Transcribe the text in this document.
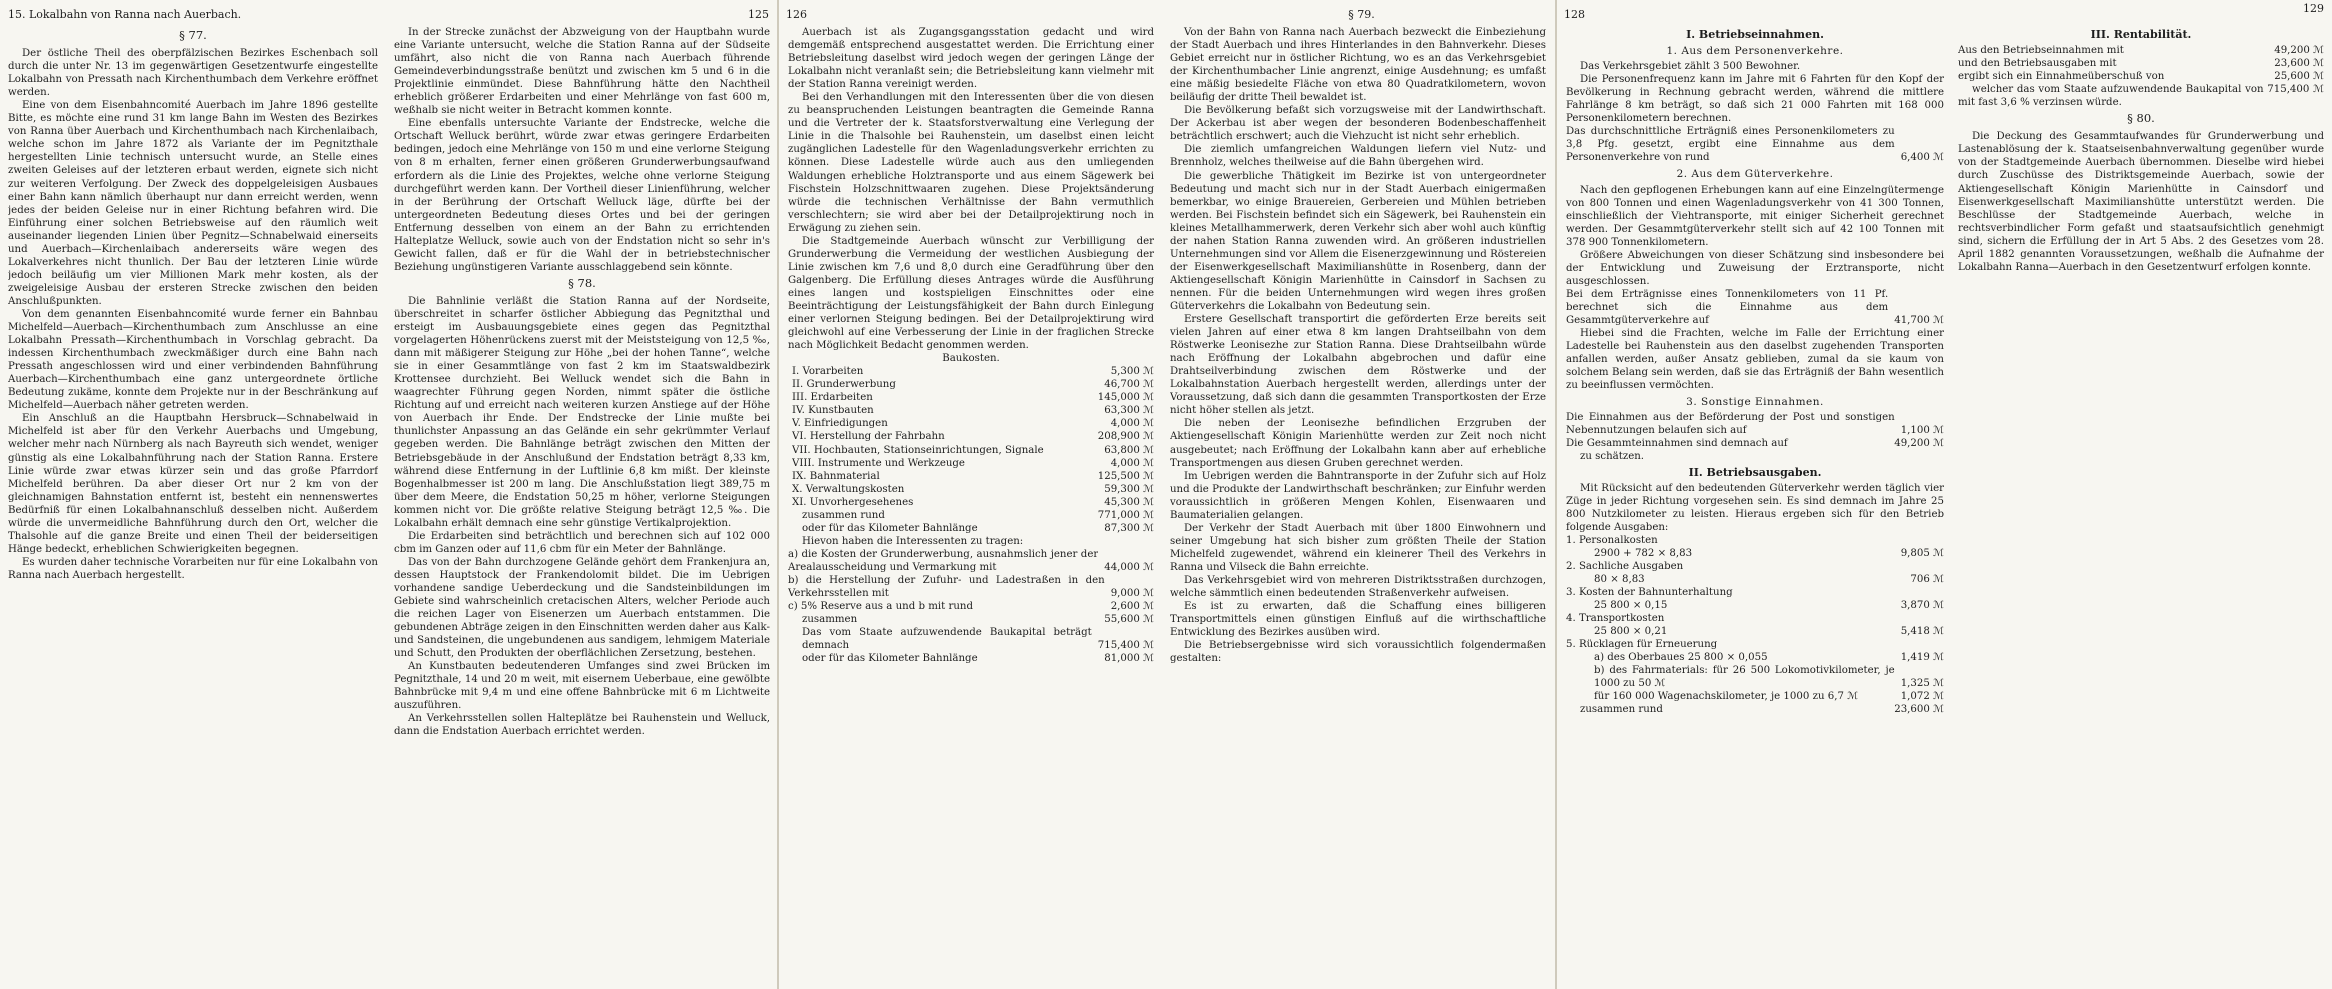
15. Lokalbahn von Ranna nach Auerbach.	125
§ 77.

Der östliche Theil des oberpfälzischen Bezirkes Eschenbach soll durch die unter Nr. 13 im gegenwärtigen Gesetzentwurfe eingestellte Lokalbahn von Pressath nach Kirchenthumbach dem Verkehre eröffnet werden.

Eine von dem Eisenbahncomité Auerbach im Jahre 1896 gestellte Bitte, es möchte eine rund 31 km lange Bahn im Westen des Bezirkes von Ranna über Auerbach und Kirchenthumbach nach Kirchenlaibach, welche schon im Jahre 1872 als Variante der im Pegnitzthale hergestellten Linie technisch untersucht wurde, an Stelle eines zweiten Geleises auf der letzteren erbaut werden, eignete sich nicht zur weiteren Verfolgung. Der Zweck des doppelgeleisigen Ausbaues einer Bahn kann nämlich überhaupt nur dann erreicht werden, wenn jedes der beiden Geleise nur in einer Richtung befahren wird. Die Einführung einer solchen Betriebsweise auf den räumlich weit auseinander liegenden Linien über Pegnitz—Schnabelwaid einerseits und Auerbach—Kirchenlaibach andererseits wäre wegen des Lokalverkehres nicht thunlich. Der Bau der letzteren Linie würde jedoch beiläufig um vier Millionen Mark mehr kosten, als der zweigeleisige Ausbau der ersteren Strecke zwischen den beiden Anschlußpunkten.

Von dem genannten Eisenbahncomité wurde ferner ein Bahnbau Michelfeld—Auerbach—Kirchenthumbach zum Anschlusse an eine Lokalbahn Pressath—Kirchenthumbach in Vorschlag gebracht. Da indessen Kirchenthumbach zweckmäßiger durch eine Bahn nach Pressath angeschlossen wird und einer verbindenden Bahnführung Auerbach—Kirchenthumbach eine ganz untergeordnete örtliche Bedeutung zukäme, konnte dem Projekte nur in der Beschränkung auf Michelfeld—Auerbach näher getreten werden.

Ein Anschluß an die Hauptbahn Hersbruck—Schnabelwaid in Michelfeld ist aber für den Verkehr Auerbachs und Umgebung, welcher mehr nach Nürnberg als nach Bayreuth sich wendet, weniger günstig als eine Lokalbahnführung nach der Station Ranna. Erstere Linie würde zwar etwas kürzer sein und das große Pfarrdorf Michelfeld berühren. Da aber dieser Ort nur 2 km von der gleichnamigen Bahnstation entfernt ist, besteht ein nennenswertes Bedürfniß für einen Lokalbahnanschluß desselben nicht. Außerdem würde die unvermeidliche Bahnführung durch den Ort, welcher die Thalsohle auf die ganze Breite und einen Theil der beiderseitigen Hänge bedeckt, erheblichen Schwierigkeiten begegnen.

Es wurden daher technische Vorarbeiten nur für eine Lokalbahn von Ranna nach Auerbach hergestellt.

In der Strecke zunächst der Abzweigung von der Hauptbahn wurde eine Variante untersucht, welche die Station Ranna auf der Südseite umfährt, also nicht die von Ranna nach Auerbach führende Gemeindeverbindungsstraße benützt und zwischen km 5 und 6 in die Projektlinie einmündet. Diese Bahnführung hätte den Nachtheil erheblich größerer Erdarbeiten und einer Mehrlänge von fast 600 m, weßhalb sie nicht weiter in Betracht kommen konnte.

Eine ebenfalls untersuchte Variante der Endstrecke, welche die Ortschaft Welluck berührt, würde zwar etwas geringere Erdarbeiten bedingen, jedoch eine Mehrlänge von 150 m und eine verlorne Steigung von 8 m erhalten, ferner einen größeren Grunderwerbungsaufwand erfordern als die Linie des Projektes, welche ohne verlorne Steigung durchgeführt werden kann. Der Vortheil dieser Linienführung, welcher in der Berührung der Ortschaft Welluck läge, dürfte bei der untergeordneten Bedeutung dieses Ortes und bei der geringen Entfernung desselben von einem an der Bahn zu errichtenden Halteplatze Welluck, sowie auch von der Endstation nicht so sehr in's Gewicht fallen, daß er für die Wahl der in betriebstechnischer Beziehung ungünstigeren Variante ausschlaggebend sein könnte.

§ 78.

Die Bahnlinie verläßt die Station Ranna auf der Nordseite, überschreitet in scharfer östlicher Abbiegung das Pegnitzthal und ersteigt im Ausbauungsgebiete eines gegen das Pegnitzthal vorgelagerten Höhenrückens zuerst mit der Meiststeigung von 12,5 ‰, dann mit mäßigerer Steigung zur Höhe „bei der hohen Tanne“, welche sie in einer Gesammtlänge von fast 2 km im Staatswaldbezirk Krottensee durchzieht. Bei Welluck wendet sich die Bahn in waagrechter Führung gegen Norden, nimmt später die östliche Richtung auf und erreicht nach weiteren kurzen Anstiege auf der Höhe von Auerbach ihr Ende. Der Endstrecke der Linie mußte bei thunlichster Anpassung an das Gelände ein sehr gekrümmter Verlauf gegeben werden. Die Bahnlänge beträgt zwischen den Mitten der Betriebsgebäude in der Anschlußund der Endstation beträgt 8,33 km, während diese Entfernung in der Luftlinie 6,8 km mißt. Der kleinste Bogenhalbmesser ist 200 m lang. Die Anschlußstation liegt 389,75 m über dem Meere, die Endstation 50,25 m höher, verlorne Steigungen kommen nicht vor. Die größte relative Steigung beträgt 12,5 ‰. Die Lokalbahn erhält demnach eine sehr günstige Vertikalprojektion.

Die Erdarbeiten sind beträchtlich und berechnen sich auf 102 000 cbm im Ganzen oder auf 11,6 cbm für ein Meter der Bahnlänge.

Das von der Bahn durchzogene Gelände gehört dem Frankenjura an, dessen Hauptstock der Frankendolomit bildet. Die im Uebrigen vorhandene sandige Ueberdeckung und die Sandsteinbildungen im Gebiete sind wahrscheinlich cretacischen Alters, welcher Periode auch die reichen Lager von Eisenerzen um Auerbach entstammen. Die gebundenen Abträge zeigen in den Einschnitten werden daher aus Kalk- und Sandsteinen, die ungebundenen aus sandigem, lehmigem Materiale und Schutt, den Produkten der oberflächlichen Zersetzung, bestehen.

An Kunstbauten bedeutenderen Umfanges sind zwei Brücken im Pegnitzthale, 14 und 20 m weit, mit eisernem Ueberbaue, eine gewölbte Bahnbrücke mit 9,4 m und eine offene Bahnbrücke mit 6 m Lichtweite auszuführen.

An Verkehrsstellen sollen Halteplätze bei Rauhenstein und Welluck, dann die Endstation Auerbach errichtet werden.

126	§ 79.

Auerbach ist als Zugangsgangsstation gedacht und wird demgemäß entsprechend ausgestattet werden. Die Errichtung einer Betriebsleitung daselbst wird jedoch wegen der geringen Länge der Lokalbahn nicht veranlaßt sein; die Betriebsleitung kann vielmehr mit der Station Ranna vereinigt werden.

Bei den Verhandlungen mit den Interessenten über die von diesen zu beanspruchenden Leistungen beantragten die Gemeinde Ranna und die Vertreter der k. Staatsforstverwaltung eine Verlegung der Linie in die Thalsohle bei Rauhenstein, um daselbst einen leicht zugänglichen Ladestelle für den Wagenladungsverkehr errichten zu können. Diese Ladestelle würde auch aus den umliegenden Waldungen erhebliche Holztransporte und aus einem Sägewerk bei Fischstein Holzschnittwaaren zugehen. Diese Projektsänderung würde die technischen Verhältnisse der Bahn vermuthlich verschlechtern; sie wird aber bei der Detailprojektirung noch in Erwägung zu ziehen sein.

Die Stadtgemeinde Auerbach wünscht zur Verbilligung der Grunderwerbung die Vermeidung der westlichen Ausbiegung der Linie zwischen km 7,6 und 8,0 durch eine Geradführung über den Galgenberg. Die Erfüllung dieses Antrages würde die Ausführung eines langen und kostspieligen Einschnittes oder eine Beeinträchtigung der Leistungsfähigkeit der Bahn durch Einlegung einer verlornen Steigung bedingen. Bei der Detailprojektirung wird gleichwohl auf eine Verbesserung der Linie in der fraglichen Strecke nach Möglichkeit Bedacht genommen werden.

Baukosten.

I. Vorarbeiten	5,300 ℳ
II. Grunderwerbung	46,700 ℳ
III. Erdarbeiten	145,000 ℳ
IV. Kunstbauten	63,300 ℳ
V. Einfriedigungen	4,000 ℳ
VI. Herstellung der Fahrbahn	208,900 ℳ
VII. Hochbauten, Stationseinrichtungen, Signale	63,800 ℳ
VIII. Instrumente und Werkzeuge	4,000 ℳ
IX. Bahnmaterial	125,500 ℳ
X. Verwaltungskosten	59,300 ℳ
XI. Unvorhergesehenes	45,300 ℳ
zusammen rund	771,000 ℳ
oder für das Kilometer Bahnlänge	87,300 ℳ

Hievon haben die Interessenten zu tragen:

a) die Kosten der Grunderwerbung, ausnahmslich jener der Arealausscheidung und Vermarkung mit	44,000 ℳ
b) die Herstellung der Zufuhr- und Ladestraßen in den Verkehrsstellen mit	9,000 ℳ
c) 5% Reserve aus a und b mit rund	2,600 ℳ
zusammen	55,600 ℳ
Das vom Staate aufzuwendende Baukapital beträgt demnach	715,400 ℳ
oder für das Kilometer Bahnlänge	81,000 ℳ

Von der Bahn von Ranna nach Auerbach bezweckt die Einbeziehung der Stadt Auerbach und ihres Hinterlandes in den Bahnverkehr. Dieses Gebiet erreicht nur in östlicher Richtung, wo es an das Verkehrsgebiet der Kirchenthumbacher Linie angrenzt, einige Ausdehnung; es umfaßt eine mäßig besiedelte Fläche von etwa 80 Quadratkilometern, wovon beiläufig der dritte Theil bewaldet ist.

Die Bevölkerung befaßt sich vorzugsweise mit der Landwirthschaft. Der Ackerbau ist aber wegen der besonderen Bodenbeschaffenheit beträchtlich erschwert; auch die Viehzucht ist nicht sehr erheblich.

Die ziemlich umfangreichen Waldungen liefern viel Nutz- und Brennholz, welches theilweise auf die Bahn übergehen wird.

Die gewerbliche Thätigkeit im Bezirke ist von untergeordneter Bedeutung und macht sich nur in der Stadt Auerbach einigermaßen bemerkbar, wo einige Brauereien, Gerbereien und Mühlen betrieben werden. Bei Fischstein befindet sich ein Sägewerk, bei Rauhenstein ein kleines Metallhammerwerk, deren Verkehr sich aber wohl auch künftig der nahen Station Ranna zuwenden wird. An größeren industriellen Unternehmungen sind vor Allem die Eisenerzgewinnung und Röstereien der Eisenwerkgesellschaft Maximilianshütte in Rosenberg, dann der Aktiengesellschaft Königin Marienhütte in Cainsdorf in Sachsen zu nennen. Für die beiden Unternehmungen wird wegen ihres großen Güterverkehrs die Lokalbahn von Bedeutung sein.

Erstere Gesellschaft transportirt die geförderten Erze bereits seit vielen Jahren auf einer etwa 8 km langen Drahtseilbahn von dem Röstwerke Leonisezhe zur Station Ranna. Diese Drahtseilbahn würde nach Eröffnung der Lokalbahn abgebrochen und dafür eine Drahtseilverbindung zwischen dem Röstwerke und der Lokalbahnstation Auerbach hergestellt werden, allerdings unter der Voraussetzung, daß sich dann die gesammten Transportkosten der Erze nicht höher stellen als jetzt.

Die neben der Leonisezhe befindlichen Erzgruben der Aktiengesellschaft Königin Marienhütte werden zur Zeit noch nicht ausgebeutet; nach Eröffnung der Lokalbahn kann aber auf erhebliche Transportmengen aus diesen Gruben gerechnet werden.

Im Uebrigen werden die Bahntransporte in der Zufuhr sich auf Holz und die Produkte der Landwirthschaft beschränken; zur Einfuhr werden voraussichtlich in größeren Mengen Kohlen, Eisenwaaren und Baumaterialien gelangen.

Der Verkehr der Stadt Auerbach mit über 1800 Einwohnern und seiner Umgebung hat sich bisher zum größten Theile der Station Michelfeld zugewendet, während ein kleinerer Theil des Verkehrs in Ranna und Vilseck die Bahn erreichte.

Das Verkehrsgebiet wird von mehreren Distriktsstraßen durchzogen, welche sämmtlich einen bedeutenden Straßenverkehr aufweisen.

Es ist zu erwarten, daß die Schaffung eines billigeren Transportmittels einen günstigen Einfluß auf die wirthschaftliche Entwicklung des Bezirkes ausüben wird.

Die Betriebsergebnisse wird sich voraussichtlich folgendermaßen gestalten:

128	129
I. Betriebseinnahmen.
1. Aus dem Personenverkehre.

Das Verkehrsgebiet zählt 3 500 Bewohner.

Die Personenfrequenz kann im Jahre mit 6 Fahrten für den Kopf der Bevölkerung in Rechnung gebracht werden, während die mittlere Fahrlänge 8 km beträgt, so daß sich 21 000 Fahrten mit 168 000 Personenkilometern berechnen.

Das durchschnittliche Erträgniß eines Personenkilometers zu 3,8 Pfg. gesetzt, ergibt eine Einnahme aus dem Personenverkehre von rund	6,400 ℳ
2. Aus dem Güterverkehre.

Nach den gepflogenen Erhebungen kann auf eine Einzelngütermenge von 800 Tonnen und einen Wagenladungsverkehr von 41 300 Tonnen, einschließlich der Viehtransporte, mit einiger Sicherheit gerechnet werden. Der Gesammtgüterverkehr stellt sich auf 42 100 Tonnen mit 378 900 Tonnenkilometern.

Größere Abweichungen von dieser Schätzung sind insbesondere bei der Entwicklung und Zuweisung der Erztransporte, nicht ausgeschlossen.

Bei dem Erträgnisse eines Tonnenkilometers von 11 Pf. berechnet sich die Einnahme aus dem Gesammtgüterverkehre auf	41,700 ℳ

Hiebei sind die Frachten, welche im Falle der Errichtung einer Ladestelle bei Rauhenstein aus den daselbst zugehenden Transporten anfallen werden, außer Ansatz geblieben, zumal da sie kaum von solchem Belang sein werden, daß sie das Erträgniß der Bahn wesentlich zu beeinflussen vermöchten.

3. Sonstige Einnahmen.
Die Einnahmen aus der Beförderung der Post und sonstigen Nebennutzungen belaufen sich auf	1,100 ℳ
Die Gesammteinnahmen sind demnach auf	49,200 ℳ

zu schätzen.

II. Betriebsausgaben.

Mit Rücksicht auf den bedeutenden Güterverkehr werden täglich vier Züge in jeder Richtung vorgesehen sein. Es sind demnach im Jahre 25 800 Nutzkilometer zu leisten. Hieraus ergeben sich für den Betrieb folgende Ausgaben:

1. Personalkosten
2900 + 782 × 8,83	9,805 ℳ
2. Sachliche Ausgaben
80 × 8,83	706 ℳ
3. Kosten der Bahnunterhaltung
25 800 × 0,15	3,870 ℳ
4. Transportkosten
25 800 × 0,21	5,418 ℳ
5. Rücklagen für Erneuerung
a) des Oberbaues 25 800 × 0,055	1,419 ℳ
b) des Fahrmaterials: für 26 500 Lokomotivkilometer, je 1000 zu 50 ℳ	1,325 ℳ
für 160 000 Wagenachskilometer, je 1000 zu 6,7 ℳ	1,072 ℳ
zusammen rund	23,600 ℳ
III. Rentabilität.
Aus den Betriebseinnahmen mit	49,200 ℳ
und den Betriebsausgaben mit	23,600 ℳ
ergibt sich ein Einnahmeüberschuß von	25,600 ℳ

welcher das vom Staate aufzuwendende Baukapital von 715,400 ℳ mit fast 3,6 % verzinsen würde.

§ 80.

Die Deckung des Gesammtaufwandes für Grunderwerbung und Lastenablösung der k. Staatseisenbahnverwaltung gegenüber wurde von der Stadtgemeinde Auerbach übernommen. Dieselbe wird hiebei durch Zuschüsse des Distriktsgemeinde Auerbach, sowie der Aktiengesellschaft Königin Marienhütte in Cainsdorf und Eisenwerkgesellschaft Maximilianshütte unterstützt werden. Die Beschlüsse der Stadtgemeinde Auerbach, welche in rechtsverbindlicher Form gefaßt und staatsaufsichtlich genehmigt sind, sichern die Erfüllung der in Art 5 Abs. 2 des Gesetzes vom 28. April 1882 genannten Voraussetzungen, weßhalb die Aufnahme der Lokalbahn Ranna—Auerbach in den Gesetzentwurf erfolgen konnte.
